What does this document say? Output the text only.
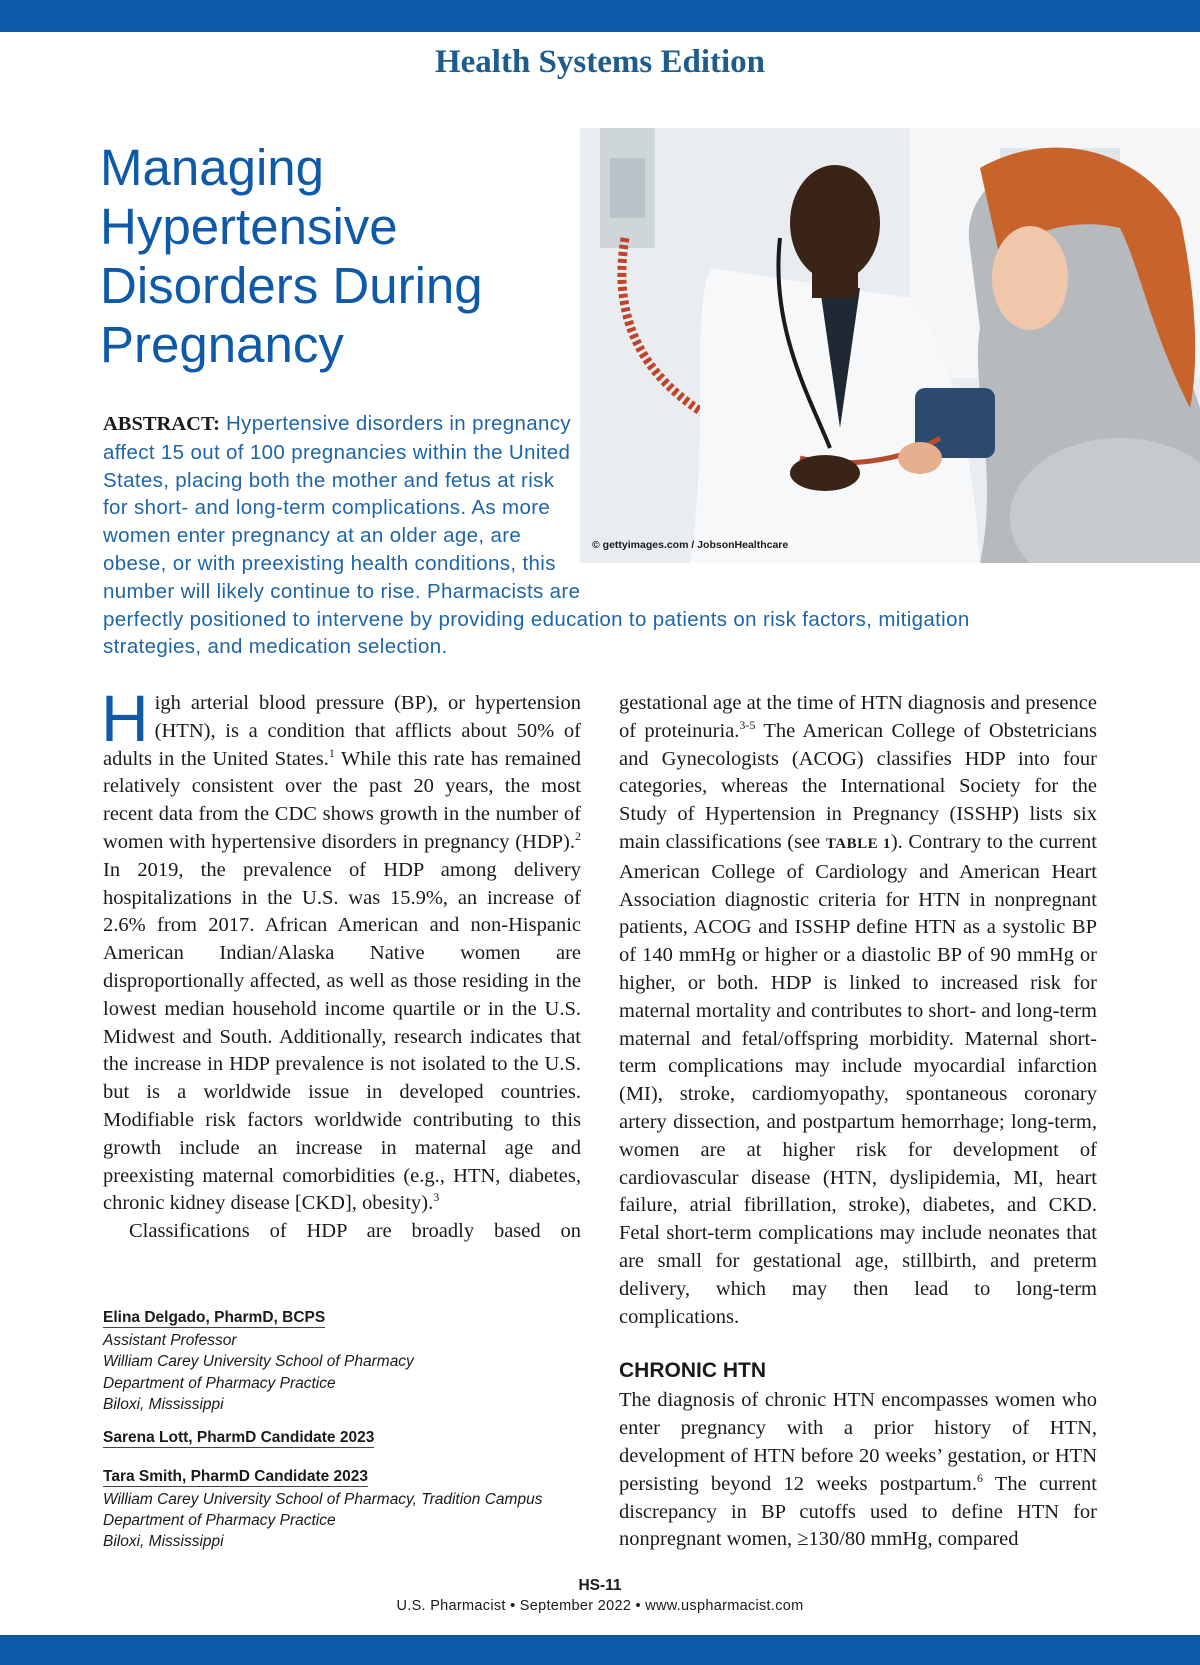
Health Systems Edition
Managing Hypertensive Disorders During Pregnancy
© gettyimages.com / JobsonHealthcare
ABSTRACT: Hypertensive disorders in pregnancy affect 15 out of 100 pregnancies within the United States, placing both the mother and fetus at risk for short- and long-term complications. As more women enter pregnancy at an older age, are obese, or with preexisting health conditions, this number will likely continue to rise. Pharmacists are perfectly positioned to intervene by providing education to patients on risk factors, mitigation strategies, and medication selection.

High arterial blood pressure (BP), or hypertension (HTN), is a condition that afflicts about 50% of adults in the United States.$^1$ While this rate has remained relatively consistent over the past 20 years, the most recent data from the CDC shows growth in the number of women with hypertensive disorders in pregnancy (HDP).$^2$ In 2019, the prevalence of HDP among delivery hospitalizations in the U.S. was 15.9%, an increase of 2.6% from 2017. African American and non-Hispanic American Indian/Alaska Native women are disproportionally affected, as well as those residing in the lowest median household income quartile or in the U.S. Midwest and South. Additionally, research indicates that the increase in HDP prevalence is not isolated to the U.S. but is a worldwide issue in developed countries. Modifiable risk factors worldwide contributing to this growth include an increase in maternal age and preexisting maternal comorbidities (e.g., HTN, diabetes, chronic kidney disease [CKD], obesity).$^3$

Classifications of HDP are broadly based on

gestational age at the time of HTN diagnosis and presence of proteinuria.$^{3-5}$ The American College of Obstetricians and Gynecologists (ACOG) classifies HDP into four categories, whereas the International Society for the Study of Hypertension in Pregnancy (ISSHP) lists six main classifications (see TABLE 1). Contrary to the current American College of Cardiology and American Heart Association diagnostic criteria for HTN in nonpregnant patients, ACOG and ISSHP define HTN as a systolic BP of 140 mmHg or higher or a diastolic BP of 90 mmHg or higher, or both. HDP is linked to increased risk for maternal mortality and contributes to short- and long-term maternal and fetal/offspring morbidity. Maternal short-term complications may include myocardial infarction (MI), stroke, cardiomyopathy, spontaneous coronary artery dissection, and postpartum hemorrhage; long-term, women are at higher risk for development of cardiovascular disease (HTN, dyslipidemia, MI, heart failure, atrial fibrillation, stroke), diabetes, and CKD. Fetal short-term complications may include neonates that are small for gestational age, stillbirth, and preterm delivery, which may then lead to long-term complications.

CHRONIC HTN

The diagnosis of chronic HTN encompasses women who enter pregnancy with a prior history of HTN, development of HTN before 20 weeks’ gestation, or HTN persisting beyond 12 weeks postpartum.$^6$ The current discrepancy in BP cutoffs used to define HTN for nonpregnant women, ≥130/80 mmHg, compared

Elina Delgado, PharmD, BCPS
Assistant Professor
William Carey University School of Pharmacy
Department of Pharmacy Practice
Biloxi, Mississippi
Sarena Lott, PharmD Candidate 2023
Tara Smith, PharmD Candidate 2023
William Carey University School of Pharmacy, Tradition Campus
Department of Pharmacy Practice
Biloxi, Mississippi
HS-11
U.S. Pharmacist • September 2022 • www.uspharmacist.com
